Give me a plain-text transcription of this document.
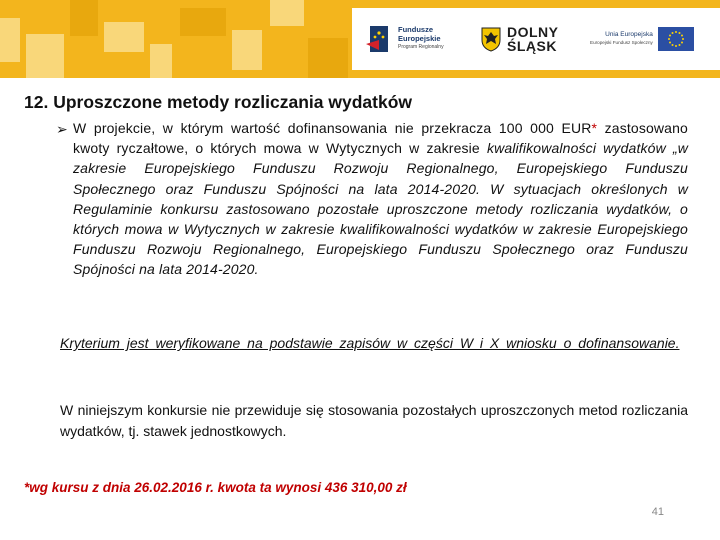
Fundusze
Europejskie
Program Regionalny
DOLNY
ŚLĄSK
Unia Europejska
Europejski Fundusz Społeczny
12. Uproszczone metody rozliczania wydatków
➢ W projekcie, w którym wartość dofinansowania nie przekracza 100 000 EUR* zastosowano kwoty ryczałtowe, o których mowa w Wytycznych w zakresie kwalifikowalności wydatków „w zakresie Europejskiego Funduszu Rozwoju Regionalnego, Europejskiego Funduszu Społecznego oraz Funduszu Spójności na lata 2014-2020. W sytuacjach określonych w Regulaminie konkursu zastosowano pozostałe uproszczone metody rozliczania wydatków, o których mowa w Wytycznych w zakresie kwalifikowalności wydatków w zakresie Europejskiego Funduszu Rozwoju Regionalnego, Europejskiego Funduszu Społecznego oraz Funduszu Spójności na lata 2014-2020.

Kryterium jest weryfikowane na podstawie zapisów w części W i X wniosku o dofinansowanie.

W niniejszym konkursie nie przewiduje się stosowania pozostałych uproszczonych metod rozliczania wydatków, tj. stawek jednostkowych.

*wg kursu z dnia 26.02.2016 r. kwota ta wynosi 436 310,00 zł

41
